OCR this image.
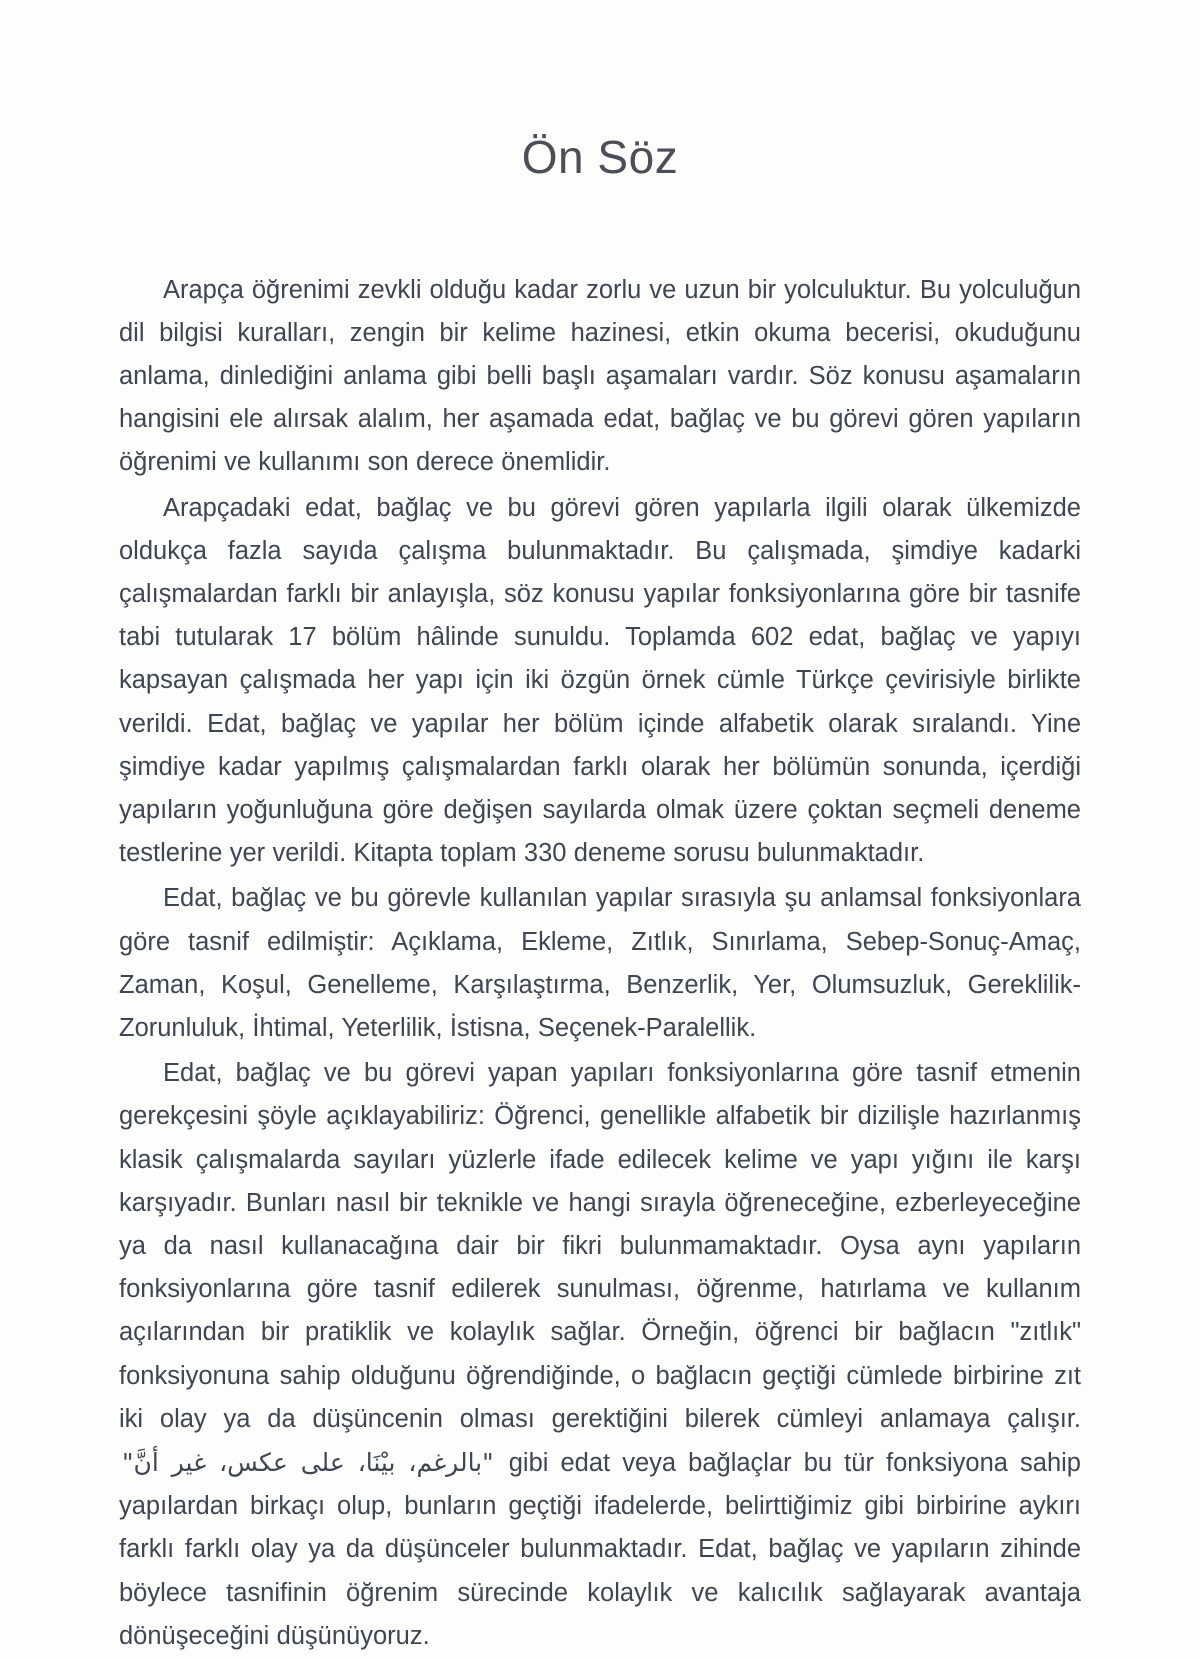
Ön Söz

Arapça öğrenimi zevkli olduğu kadar zorlu ve uzun bir yolculuktur. Bu yolculuğun dil bilgisi kuralları, zengin bir kelime hazinesi, etkin okuma becerisi, okuduğunu anlama, dinlediğini anlama gibi belli başlı aşamaları vardır. Söz konusu aşamaların hangisini ele alırsak alalım, her aşamada edat, bağlaç ve bu görevi gören yapıların öğrenimi ve kullanımı son derece önemlidir.

Arapçadaki edat, bağlaç ve bu görevi gören yapılarla ilgili olarak ülkemizde oldukça fazla sayıda çalışma bulunmaktadır. Bu çalışmada, şimdiye kadarki çalışmalardan farklı bir anlayışla, söz konusu yapılar fonksiyonlarına göre bir tasnife tabi tutularak 17 bölüm hâlinde sunuldu. Toplamda 602 edat, bağlaç ve yapıyı kapsayan çalışmada her yapı için iki özgün örnek cümle Türkçe çevirisiyle birlikte verildi. Edat, bağlaç ve yapılar her bölüm içinde alfabetik olarak sıralandı. Yine şimdiye kadar yapılmış çalışmalardan farklı olarak her bölümün sonunda, içerdiği yapıların yoğunluğuna göre değişen sayılarda olmak üzere çoktan seçmeli deneme testlerine yer verildi. Kitapta toplam 330 deneme sorusu bulunmaktadır.

Edat, bağlaç ve bu görevle kullanılan yapılar sırasıyla şu anlamsal fonksiyonlara göre tasnif edilmiştir: Açıklama, Ekleme, Zıtlık, Sınırlama, Sebep-Sonuç-Amaç, Zaman, Koşul, Genelleme, Karşılaştırma, Benzerlik, Yer, Olumsuzluk, Gereklilik-Zorunluluk, İhtimal, Yeterlilik, İstisna, Seçenek-Paralellik.

Edat, bağlaç ve bu görevi yapan yapıları fonksiyonlarına göre tasnif etmenin gerekçesini şöyle açıklayabiliriz: Öğrenci, genellikle alfabetik bir dizilişle hazırlanmış klasik çalışmalarda sayıları yüzlerle ifade edilecek kelime ve yapı yığını ile karşı karşıyadır. Bunları nasıl bir teknikle ve hangi sırayla öğreneceğine, ezberleyeceğine ya da nasıl kullanacağına dair bir fikri bulunmamaktadır. Oysa aynı yapıların fonksiyonlarına göre tasnif edilerek sunulması, öğrenme, hatırlama ve kullanım açılarından bir pratiklik ve kolaylık sağlar. Örneğin, öğrenci bir bağlacın "zıtlık" fonksiyonuna sahip olduğunu öğrendiğinde, o bağlacın geçtiği cümlede birbirine zıt iki olay ya da düşüncenin olması gerektiğini bilerek cümleyi anlamaya çalışır. "بالرغم، بيْنَا، على عكس، غير أنَّ" gibi edat veya bağlaçlar bu tür fonksiyona sahip yapılardan birkaçı olup, bunların geçtiği ifadelerde, belirttiğimiz gibi birbirine aykırı farklı farklı olay ya da düşünceler bulunmaktadır. Edat, bağlaç ve yapıların zihinde böylece tasnifinin öğrenim sürecinde kolaylık ve kalıcılık sağlayarak avantaja dönüşeceğini düşünüyoruz.
